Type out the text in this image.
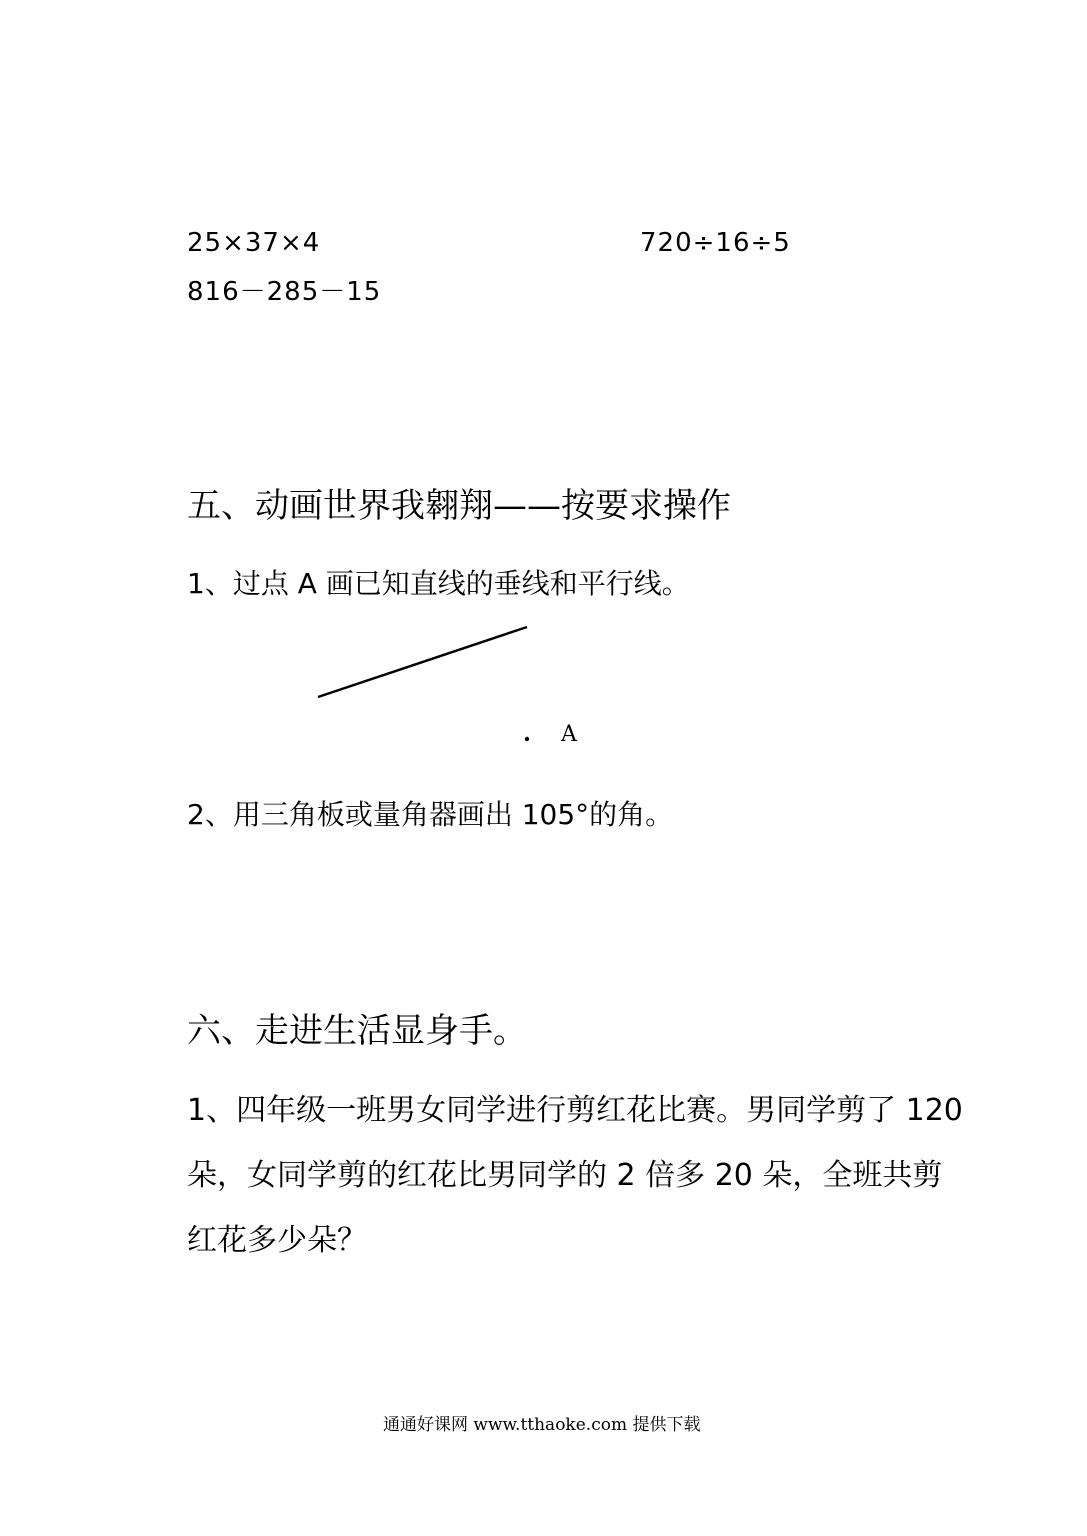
25×37×4	720÷16÷5
816－285－15
五、动画世界我翱翔——按要求操作
1、过点 A 画已知直线的垂线和平行线。
A
2、用三角板或量角器画出 105°的角。
六、走进生活显身手。
1、四年级一班男女同学进行剪红花比赛。男同学剪了 120
朵，女同学剪的红花比男同学的 2 倍多 20 朵，全班共剪
红花多少朵？
通通好课网 www.tthaoke.com 提供下载
